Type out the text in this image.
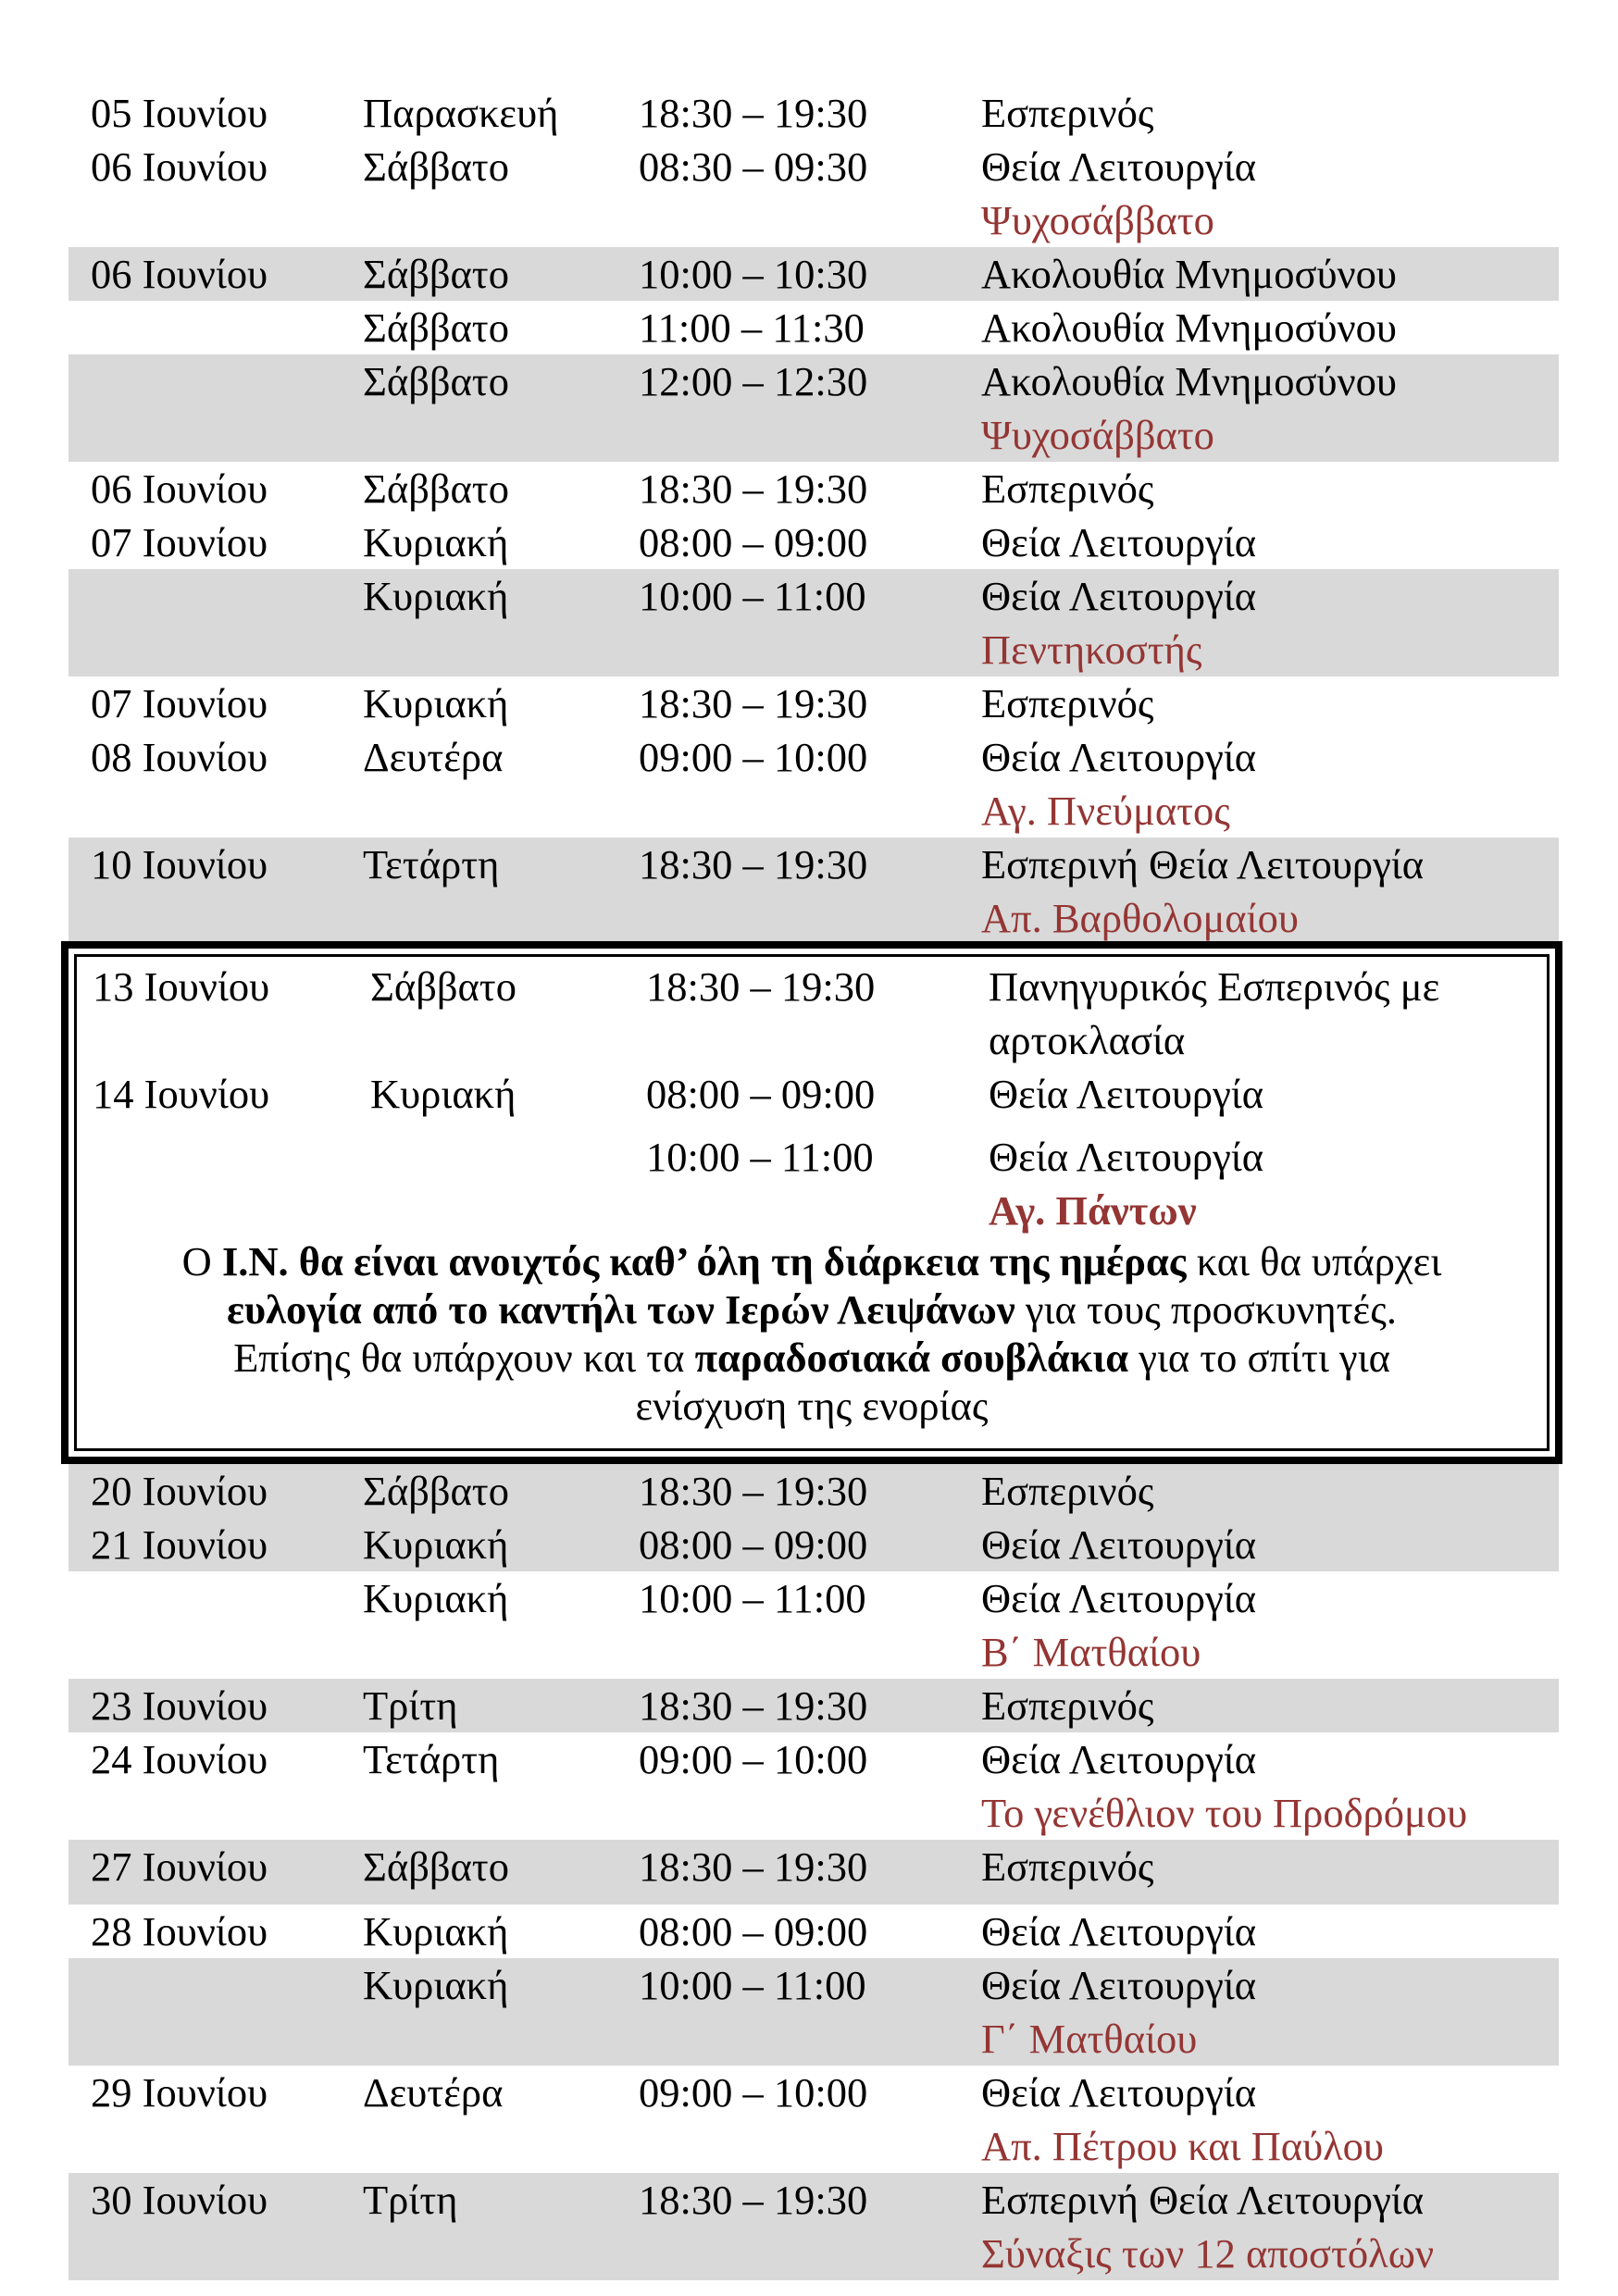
05 Ιουνίου Παρασκευή 18:30 – 19:30	Εσπερινός
06 Ιουνίου Σάββατο	08:30 – 09:30	Θεία Λειτουργία
Ψυχοσάββατο
06 Ιουνίου Σάββατο	10:00 – 10:30	Ακολουθία Μνημοσύνου
Σάββατο	11:00 – 11:30	Ακολουθία Μνημοσύνου
Σάββατο	12:00 – 12:30	Ακολουθία Μνημοσύνου
Ψυχοσάββατο
06 Ιουνίου Σάββατο	18:30 – 19:30	Εσπερινός
07 Ιουνίου Κυριακή	08:00 – 09:00	Θεία Λειτουργία
Κυριακή	10:00 – 11:00	Θεία Λειτουργία
Πεντηκοστής
07 Ιουνίου Κυριακή	18:30 – 19:30	Εσπερινός
08 Ιουνίου Δευτέρα	09:00 – 10:00	Θεία Λειτουργία
Αγ. Πνεύματος
10 Ιουνίου Τετάρτη	18:30 – 19:30	Εσπερινή Θεία Λειτουργία
Απ. Βαρθολομαίου
13 Ιουνίου Σάββατο	18:30 – 19:30	Πανηγυρικός Εσπερινός με
αρτοκλασία
14 Ιουνίου Κυριακή	08:00 – 09:00	Θεία Λειτουργία
10:00 – 11:00	Θεία Λειτουργία
Αγ. Πάντων
Ο Ι.Ν. θα είναι ανοιχτός καθ’ όλη τη διάρκεια της ημέρας και θα υπάρχει
ευλογία από το καντήλι των Ιερών Λειψάνων για τους προσκυνητές.
Επίσης θα υπάρχουν και τα παραδοσιακά σουβλάκια για το σπίτι για
ενίσχυση της ενορίας
20 Ιουνίου Σάββατο	18:30 – 19:30	Εσπερινός
21 Ιουνίου Κυριακή	08:00 – 09:00	Θεία Λειτουργία
Κυριακή	10:00 – 11:00	Θεία Λειτουργία
Β΄ Ματθαίου
23 Ιουνίου Τρίτη	18:30 – 19:30	Εσπερινός
24 Ιουνίου Τετάρτη	09:00 – 10:00	Θεία Λειτουργία
Το γενέθλιον του Προδρόμου
27 Ιουνίου Σάββατο	18:30 – 19:30	Εσπερινός
28 Ιουνίου Κυριακή	08:00 – 09:00	Θεία Λειτουργία
Κυριακή	10:00 – 11:00	Θεία Λειτουργία
Γ΄ Ματθαίου
29 Ιουνίου Δευτέρα	09:00 – 10:00	Θεία Λειτουργία
Απ. Πέτρου και Παύλου
30 Ιουνίου Τρίτη	18:30 – 19:30	Εσπερινή Θεία Λειτουργία
Σύναξις των 12 αποστόλων
